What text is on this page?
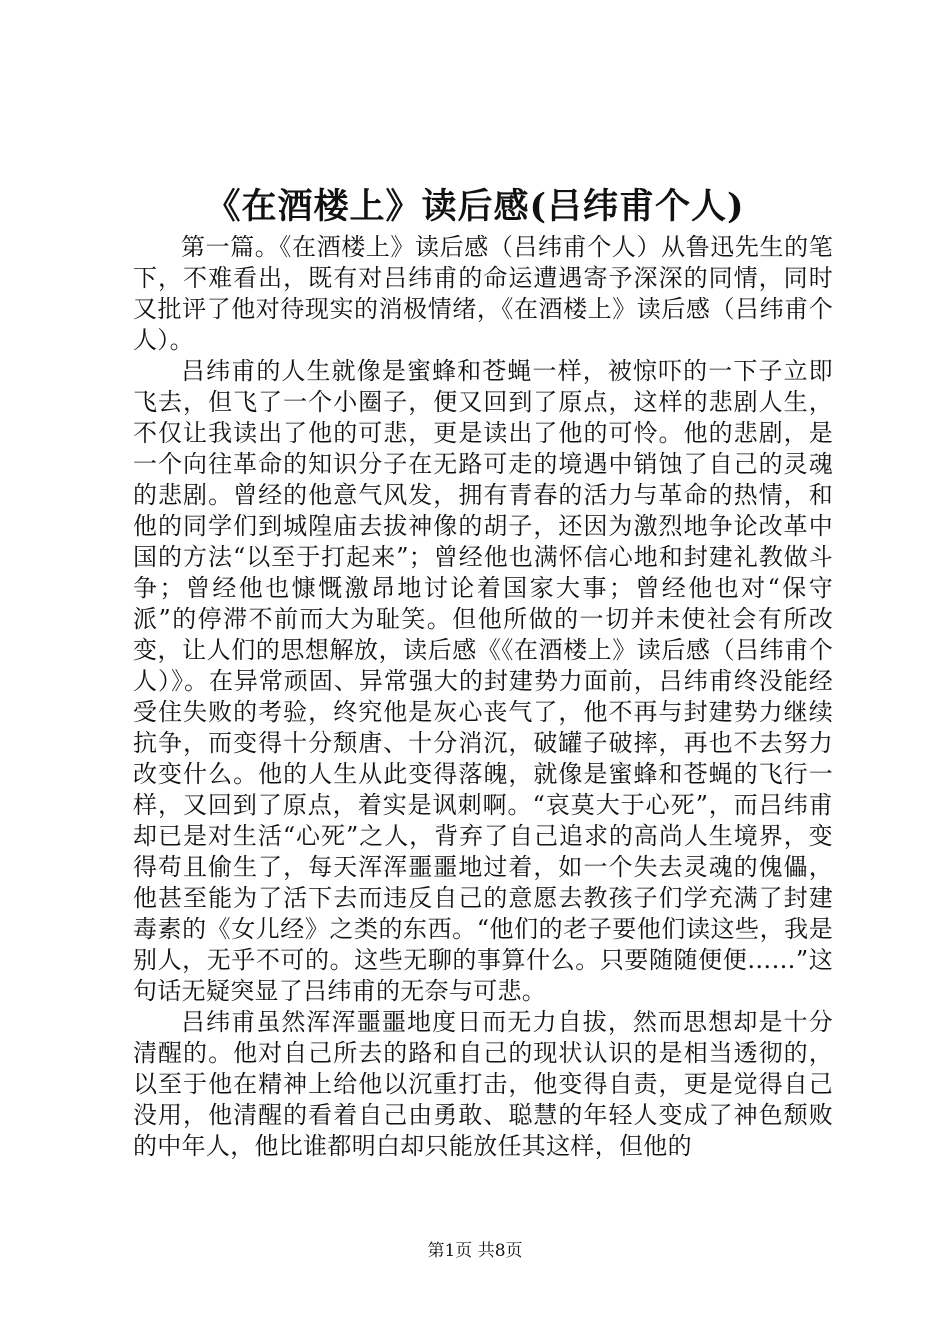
《在酒楼上》读后感(吕纬甫个人)

第一篇。《在酒楼上》读后感（吕纬甫个人）从鲁迅先生的笔下，不难看出，既有对吕纬甫的命运遭遇寄予深深的同情，同时又批评了他对待现实的消极情绪，《在酒楼上》读后感（吕纬甫个人）。

吕纬甫的人生就像是蜜蜂和苍蝇一样，被惊吓的一下子立即飞去，但飞了一个小圈子，便又回到了原点，这样的悲剧人生，不仅让我读出了他的可悲，更是读出了他的可怜。他的悲剧，是一个向往革命的知识分子在无路可走的境遇中销蚀了自己的灵魂的悲剧。曾经的他意气风发，拥有青春的活力与革命的热情，和他的同学们到城隍庙去拔神像的胡子，还因为激烈地争论改革中国的方法“以至于打起来”；曾经他也满怀信心地和封建礼教做斗争；曾经他也慷慨激昂地讨论着国家大事；曾经他也对“保守派”的停滞不前而大为耻笑。但他所做的一切并未使社会有所改变，让人们的思想解放，读后感《《在酒楼上》读后感（吕纬甫个人）》。在异常顽固、异常强大的封建势力面前，吕纬甫终没能经受住失败的考验，终究他是灰心丧气了，他不再与封建势力继续抗争，而变得十分颓唐、十分消沉，破罐子破摔，再也不去努力改变什么。他的人生从此变得落魄，就像是蜜蜂和苍蝇的飞行一样，又回到了原点，着实是讽刺啊。“哀莫大于心死”，而吕纬甫却已是对生活“心死”之人，背弃了自己追求的高尚人生境界，变得苟且偷生了，每天浑浑噩噩地过着，如一个失去灵魂的傀儡，他甚至能为了活下去而违反自己的意愿去教孩子们学充满了封建毒素的《女儿经》之类的东西。“他们的老子要他们读这些，我是别人，无乎不可的。这些无聊的事算什么。只要随随便便……”这句话无疑突显了吕纬甫的无奈与可悲。

吕纬甫虽然浑浑噩噩地度日而无力自拔，然而思想却是十分清醒的。他对自己所去的路和自己的现状认识的是相当透彻的，以至于他在精神上给他以沉重打击，他变得自责，更是觉得自己没用，他清醒的看着自己由勇敢、聪慧的年轻人变成了神色颓败的中年人，他比谁都明白却只能放任其这样，但他的

第1页 共8页
